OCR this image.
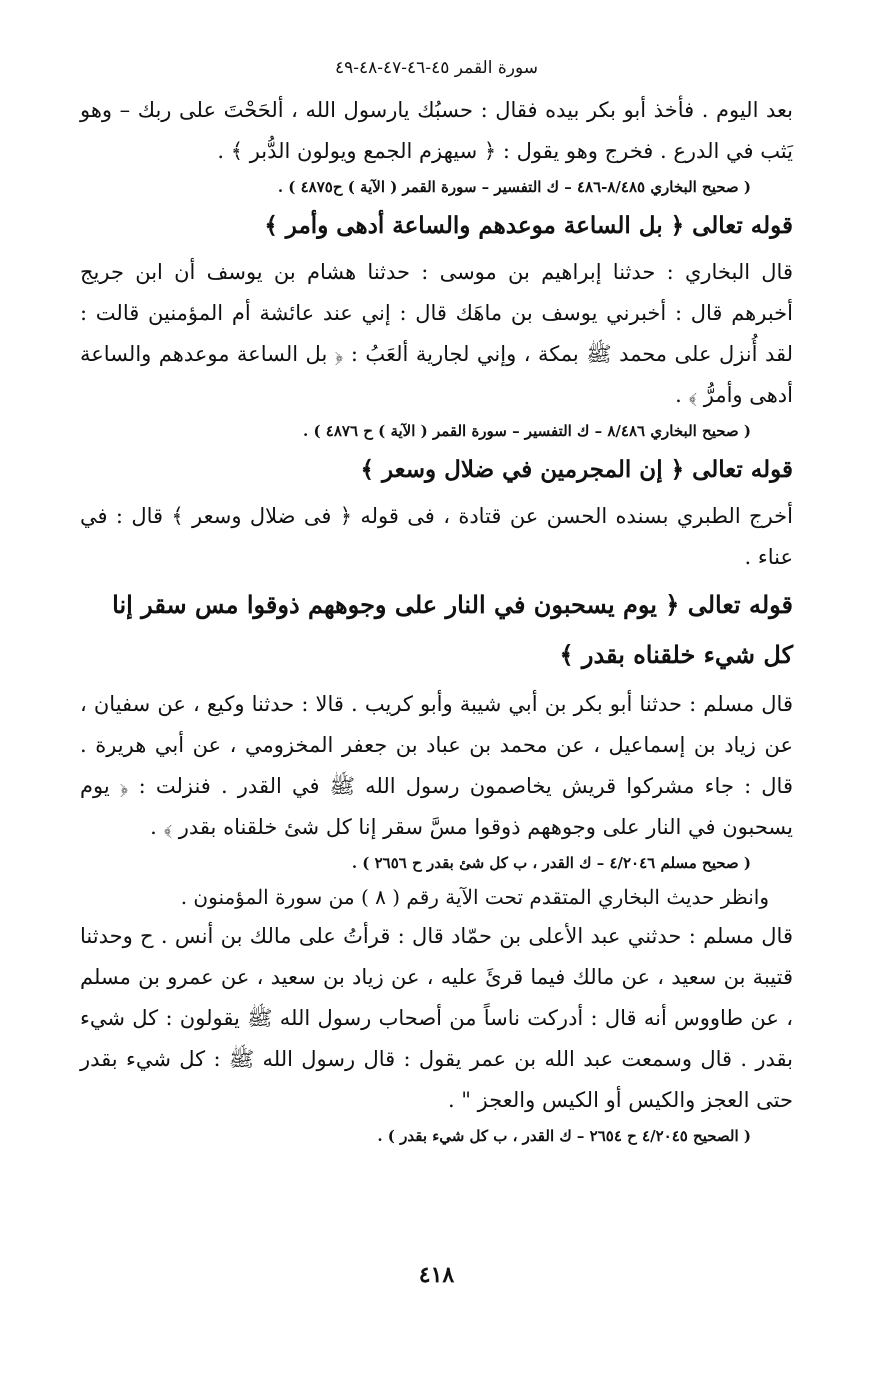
سورة القمر ٤٥-٤٦-٤٧-٤٨-٤٩

بعد اليوم . فأخذ أبو بكر بيده فقال : حسبُك يارسول الله ، ألحَحْتَ على ربك – وهو يَثب في الدرع . فخرج وهو يقول : ﴿ سيهزم الجمع ويولون الدُّبر ﴾ .

( صحيح البخاري ٨/٤٨٥-٤٨٦ – ك التفسير – سورة القمر ( الآية ) ح٤٨٧٥ ) .

قوله تعالى ﴿ بل الساعة موعدهم والساعة أدهى وأمر ﴾

قال البخاري : حدثنا إبراهيم بن موسى : حدثنا هشام بن يوسف أن ابن جريج أخبرهم قال : أخبرني يوسف بن ماهَك قال : إني عند عائشة أم المؤمنين قالت : لقد أُنزل على محمد ﷺ بمكة ، وإني لجارية ألعَبُ : ﴿ بل الساعة موعدهم والساعة أدهى وأمرُّ ﴾ .

( صحيح البخاري ٨/٤٨٦ – ك التفسير – سورة القمر ( الآية ) ح ٤٨٧٦ ) .

قوله تعالى ﴿ إن المجرمين في ضلال وسعر ﴾

أخرج الطبري بسنده الحسن عن قتادة ، فى قوله ﴿ فى ضلال وسعر ﴾ قال : في عناء .

قوله تعالى ﴿ يوم يسحبون في النار على وجوههم ذوقوا مس سقر إنا كل شيء خلقناه بقدر ﴾

قال مسلم : حدثنا أبو بكر بن أبي شيبة وأبو كريب . قالا : حدثنا وكيع ، عن سفيان ، عن زياد بن إسماعيل ، عن محمد بن عباد بن جعفر المخزومي ، عن أبي هريرة . قال : جاء مشركوا قريش يخاصمون رسول الله ﷺ في القدر . فنزلت : ﴿ يوم يسحبون في النار على وجوههم ذوقوا مسَّ سقر إنا كل شئ خلقناه بقدر ﴾ .

( صحيح مسلم ٤/٢٠٤٦ – ك القدر ، ب كل شئ بقدر ح ٢٦٥٦ ) .

وانظر حديث البخاري المتقدم تحت الآية رقم ( ٨ ) من سورة المؤمنون .

قال مسلم : حدثني عبد الأعلى بن حمّاد قال : قرأتُ على مالك بن أنس . ح وحدثنا قتيبة بن سعيد ، عن مالك فيما قرئَ عليه ، عن زياد بن سعيد ، عن عمرو بن مسلم ، عن طاووس أنه قال : أدركت ناساً من أصحاب رسول الله ﷺ يقولون : كل شيء بقدر . قال وسمعت عبد الله بن عمر يقول : قال رسول الله ﷺ : كل شيء بقدر حتى العجز والكيس أو الكيس والعجز " .

( الصحيح ٤/٢٠٤٥ ح ٢٦٥٤ – ك القدر ، ب كل شيء بقدر ) .

٤١٨
